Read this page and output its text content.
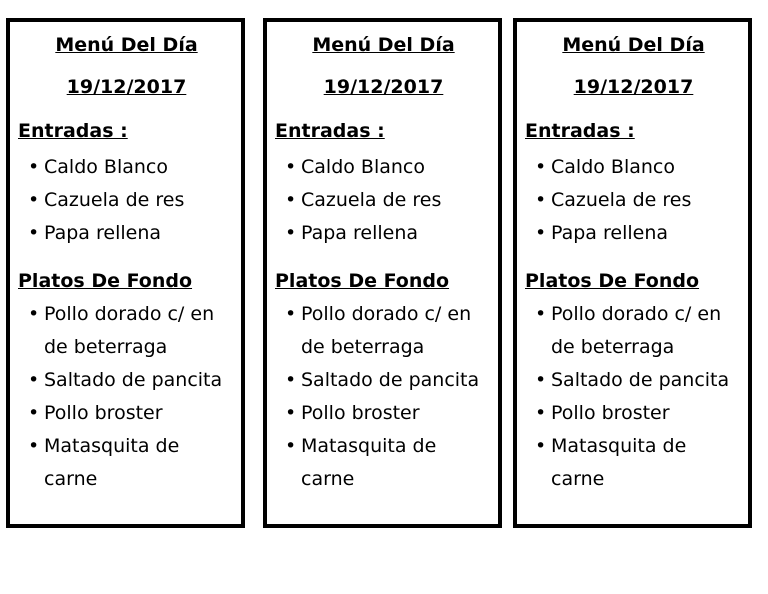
Menú Del Día
19/12/2017
Entradas :
• Caldo Blanco
• Cazuela de res
• Papa rellena
Platos De Fondo
• Pollo dorado c/ en de beterraga
• Saltado de pancita
• Pollo broster
• Matasquita de carne
Menú Del Día
19/12/2017
Entradas :
• Caldo Blanco
• Cazuela de res
• Papa rellena
Platos De Fondo
• Pollo dorado c/ en de beterraga
• Saltado de pancita
• Pollo broster
• Matasquita de carne
Menú Del Día
19/12/2017
Entradas :
• Caldo Blanco
• Cazuela de res
• Papa rellena
Platos De Fondo
• Pollo dorado c/ en de beterraga
• Saltado de pancita
• Pollo broster
• Matasquita de carne
